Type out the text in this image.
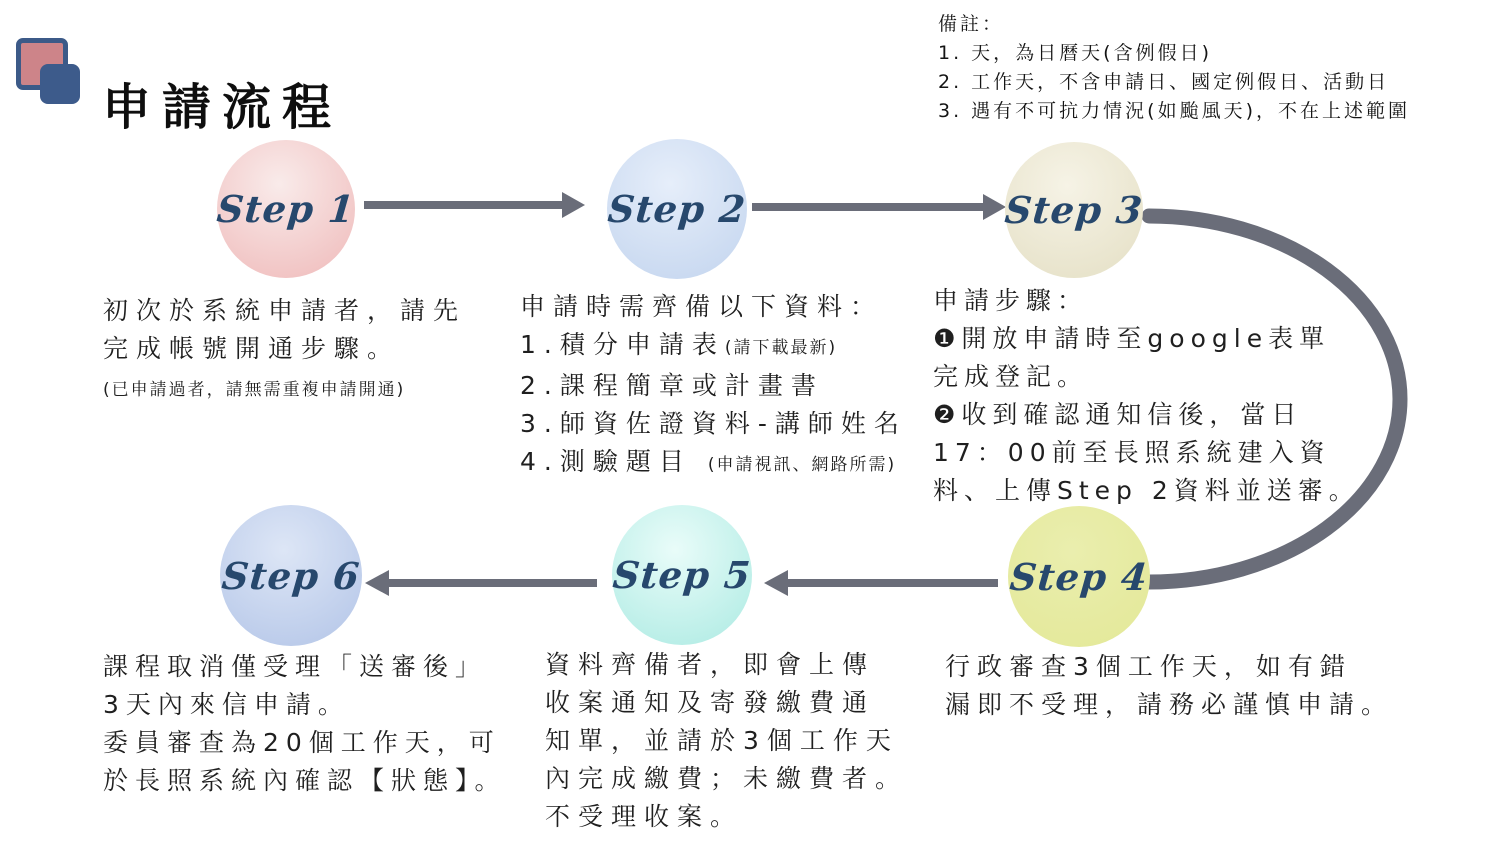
申請流程
備註：
1. 天，為日曆天(含例假日)
2. 工作天，不含申請日、國定例假日、活動日
3. 遇有不可抗力情況(如颱風天)，不在上述範圍
Step 1	Step 2	Step 3
Step 4
Step 5
Step 6
初次於系統申請者，請先
完成帳號開通步驟。
(已申請過者，請無需重複申請開通)
申請時需齊備以下資料：
1.積分申請表(請下載最新)
2.課程簡章或計畫書
3.師資佐證資料-講師姓名
4.測驗題目 (申請視訊、網路所需)
申請步驟：
❶開放申請時至google表單
完成登記。
❷收到確認通知信後，當日
17：00前至長照系統建入資
料、上傳Step 2資料並送審。
行政審查3個工作天，如有錯
漏即不受理，請務必謹慎申請。
資料齊備者，即會上傳
收案通知及寄發繳費通
知單，並請於3個工作天
內完成繳費；未繳費者。
不受理收案。
課程取消僅受理「送審後」
3天內來信申請。
委員審查為20個工作天，可
於長照系統內確認【狀態】。
